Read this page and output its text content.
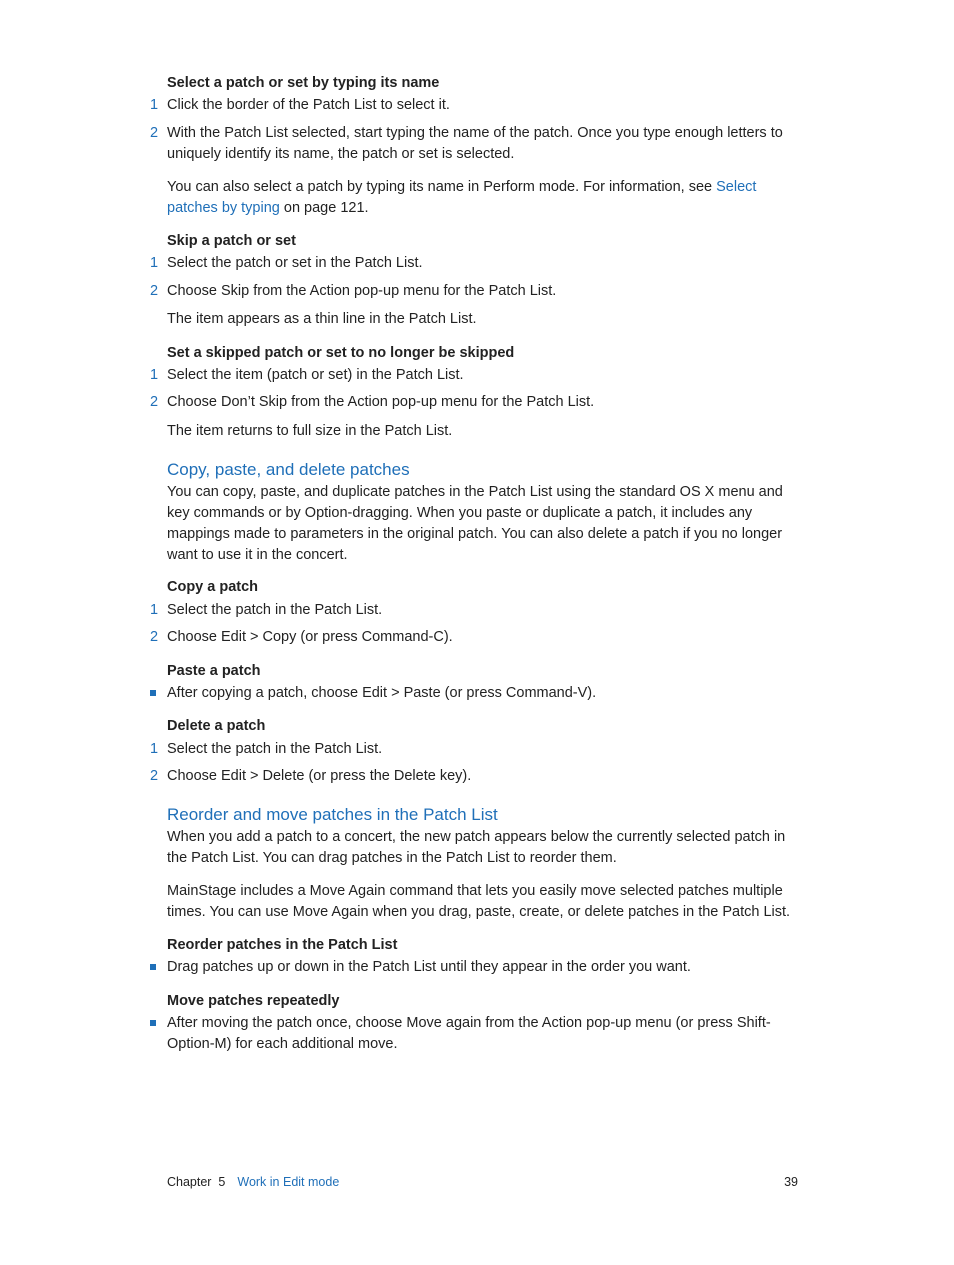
Select a patch or set by typing its name
1 Click the border of the Patch List to select it.
2 With the Patch List selected, start typing the name of the patch. Once you type enough letters to uniquely identify its name, the patch or set is selected.
You can also select a patch by typing its name in Perform mode. For information, see Select patches by typing on page 121.
Skip a patch or set
1 Select the patch or set in the Patch List.
2 Choose Skip from the Action pop-up menu for the Patch List.
The item appears as a thin line in the Patch List.
Set a skipped patch or set to no longer be skipped
1 Select the item (patch or set) in the Patch List.
2 Choose Don’t Skip from the Action pop-up menu for the Patch List.
The item returns to full size in the Patch List.
Copy, paste, and delete patches
You can copy, paste, and duplicate patches in the Patch List using the standard OS X menu and key commands or by Option-dragging. When you paste or duplicate a patch, it includes any mappings made to parameters in the original patch. You can also delete a patch if you no longer want to use it in the concert.
Copy a patch
1 Select the patch in the Patch List.
2 Choose Edit > Copy (or press Command-C).
Paste a patch
After copying a patch, choose Edit > Paste (or press Command-V).
Delete a patch
1 Select the patch in the Patch List.
2 Choose Edit > Delete (or press the Delete key).
Reorder and move patches in the Patch List
When you add a patch to a concert, the new patch appears below the currently selected patch in the Patch List. You can drag patches in the Patch List to reorder them.
MainStage includes a Move Again command that lets you easily move selected patches multiple times. You can use Move Again when you drag, paste, create, or delete patches in the Patch List.
Reorder patches in the Patch List
Drag patches up or down in the Patch List until they appear in the order you want.
Move patches repeatedly
After moving the patch once, choose Move again from the Action pop-up menu (or press Shift-Option-M) for each additional move.
Chapter  5 Work in Edit mode	39
